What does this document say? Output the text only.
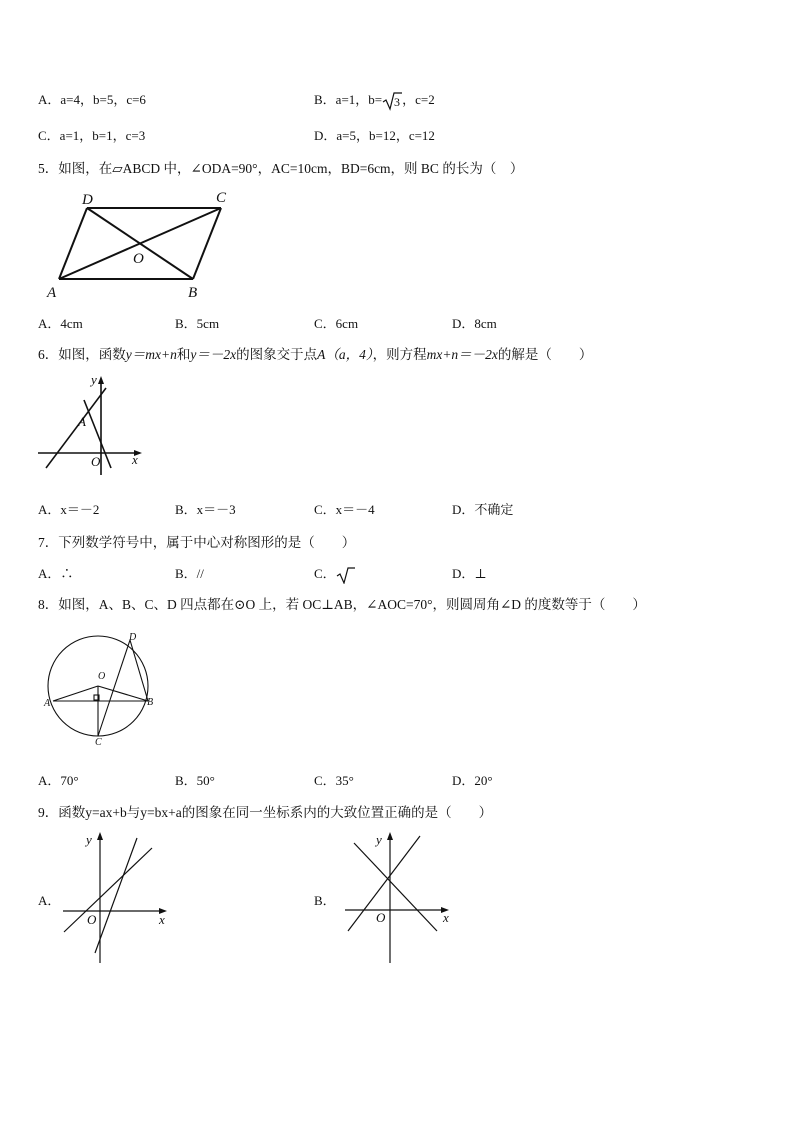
A．a=4，b=5，c=6	B．a=1，b= 3 ，c=2
C．a=1，b=1，c=3	D．a=5，b=12，c=12
5．如图，在▱ABCD 中，∠ODA=90°，AC=10cm，BD=6cm，则 BC 的长为（　）
D	C
O
A	B
A．4cm	B．5cm	C．6cm	D．8cm
6．如图，函数y＝mx+n和y＝－2x的图象交于点A（a，4），则方程mx+n＝－2x的解是（　　）
y
A
O x
A．x＝－2	B．x＝－3	C．x＝－4	D．不确定
7．下列数学符号中，属于中心对称图形的是（　　）
A．∴	B．//	C．	D．⊥
8．如图，A、B、C、D 四点都在⊙O 上，若 OC⊥AB，∠AOC=70°，则圆周角∠D 的度数等于（　　）
D
O
A	B
C
A．70°	B．50°	C．35°	D．20°
9．函数y=ax+b与y=bx+a的图象在同一坐标系内的大致位置正确的是（　　）
A．
y
x
O
B．
y
x
O
